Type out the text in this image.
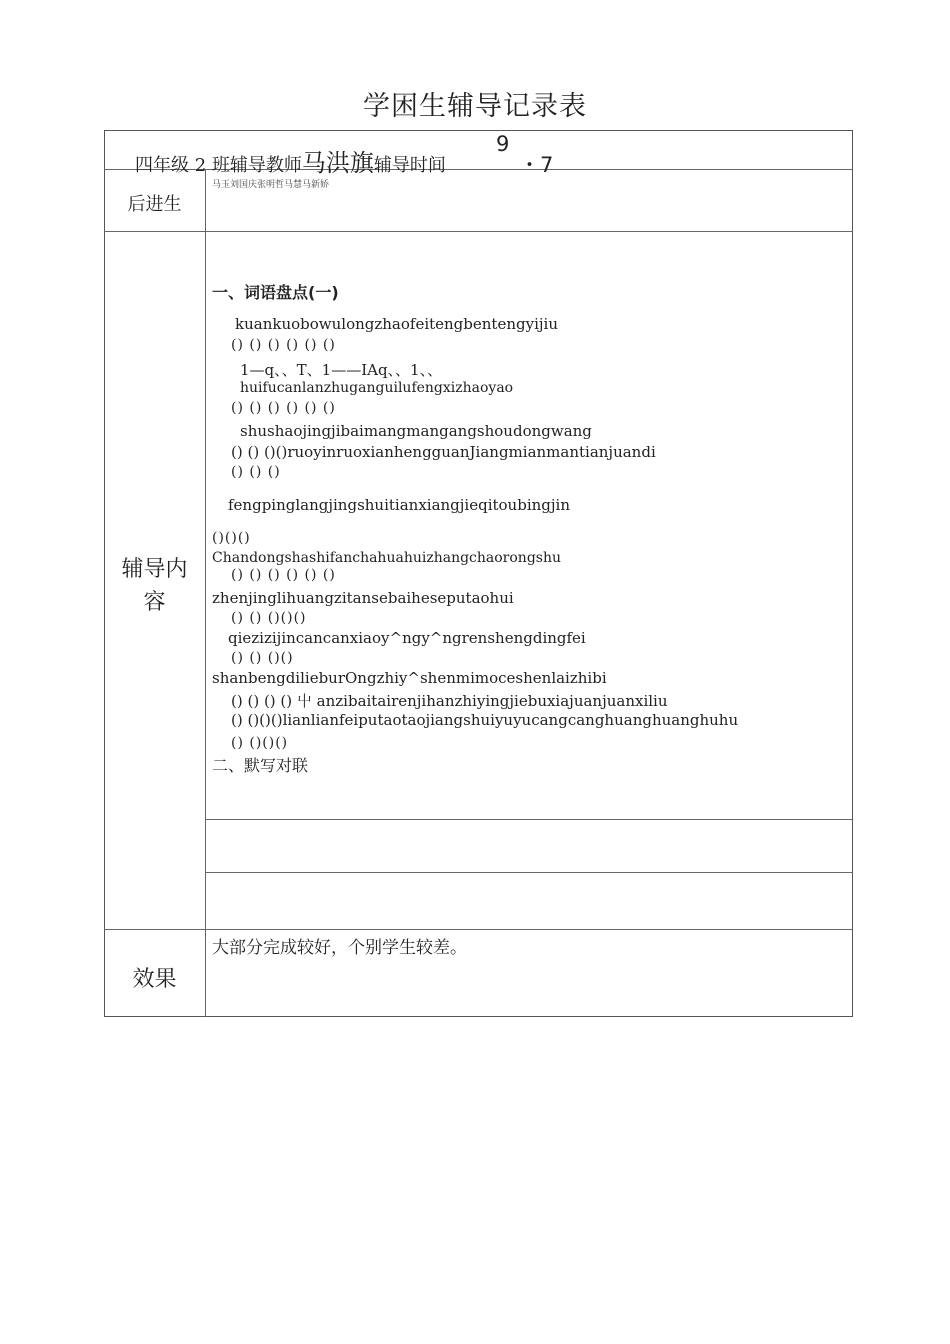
学困生辅导记录表
四年级 2 班辅导教师马洪旗辅导时间
9
・7
后进生
马玉刘国庆张明哲马慧马新娇
辅导内
容
一、词语盘点(一)
kuankuobowulongzhaofeitengbentengyijiu
() () () () () ()
1—q、、T、1——IAq、、1、、
huifucanlanzhuganguilufengxizhaoyao
() () () () () ()
shushaojingjibaimangmangangshoudongwang
() () ()()ruoyinruoxianhengguanJiangmianmantianjuandi
() () ()
fengpinglangjingshuitianxiangjieqitoubingjin
()()()
Chandongshashifanchahuahuizhangchaorongshu
() () () () () ()
zhenjinglihuangzitansebaiheseputaohui
() () ()()()
qiezizijincancanxiaoy^ngy^ngrenshengdingfei
() () ()()
shanbengdilieburOngzhiy^shenmimoceshenlaizhibi
() () () () 屮 anzibaitairenjihanzhiyingjiebuxiajuanjuanxiliu
() ()()()lianlianfeiputaotaojiangshuiyuyucangcanghuanghuanghuhu
() ()()()
二、默写对联
效果
大部分完成较好，个别学生较差。
